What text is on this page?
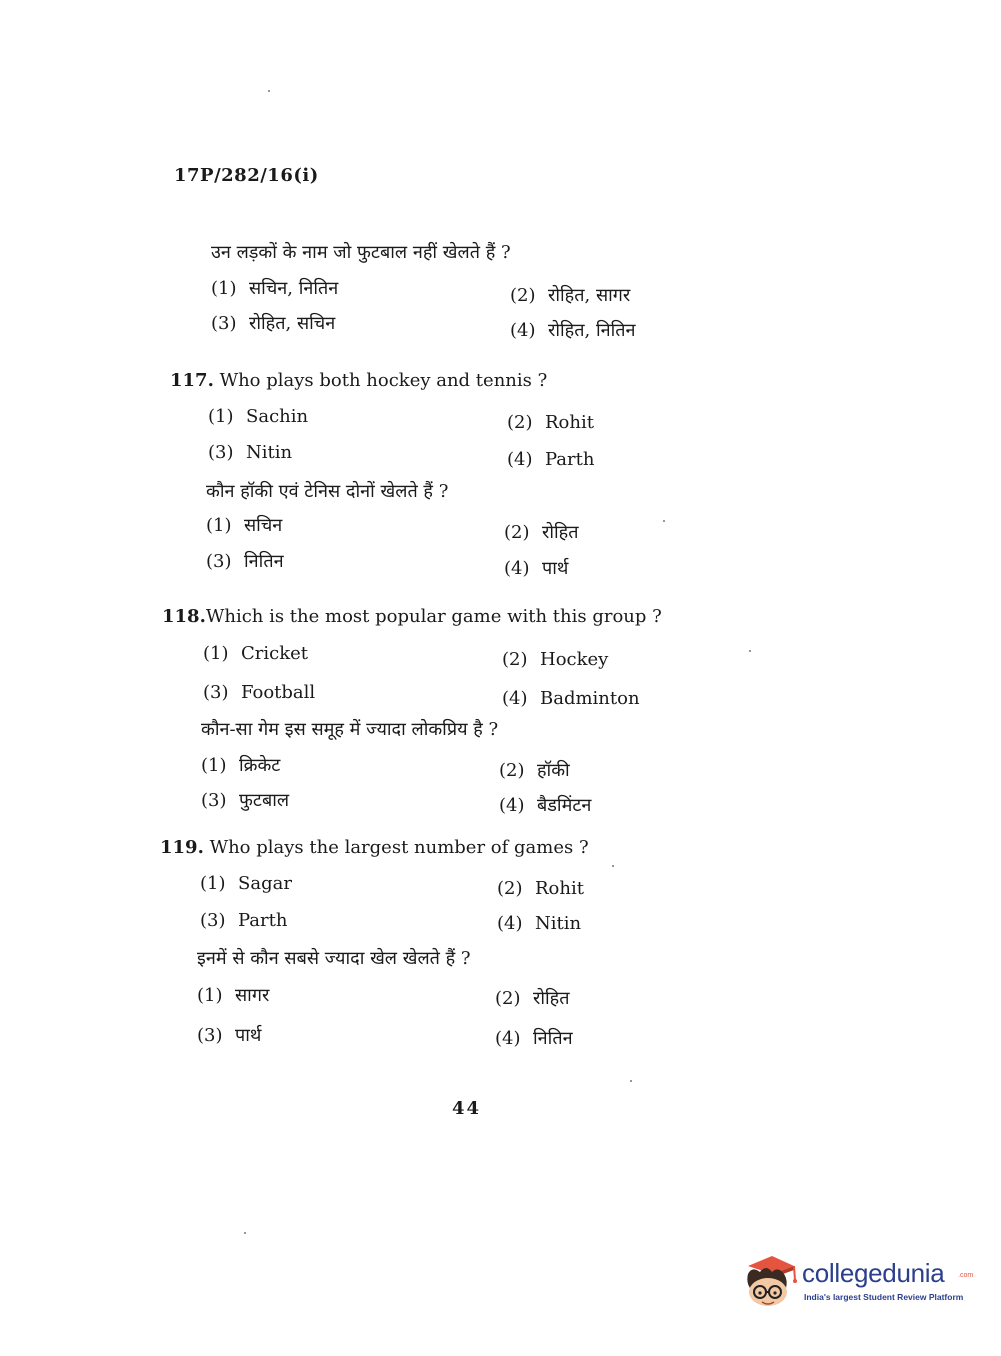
17P/282/16(i)
उन लड़कों के नाम जो फुटबाल नहीं खेलते हैं ?
(1) सचिन, नितिन	(2) रोहित, सागर
(3) रोहित, सचिन	(4) रोहित, नितिन
117. Who plays both hockey and tennis ?
(1) Sachin	(2) Rohit
(3) Nitin	(4) Parth
कौन हॉकी एवं टेनिस दोनों खेलते हैं ?
(1) सचिन	(2) रोहित
(3) नितिन	(4) पार्थ
118.Which is the most popular game with this group ?
(1) Cricket	(2) Hockey
(3) Football	(4) Badminton
कौन-सा गेम इस समूह में ज्यादा लोकप्रिय है ?
(1) क्रिकेट	(2) हॉकी
(3) फुटबाल	(4) बैडमिंटन
119. Who plays the largest number of games ?
(1) Sagar	(2) Rohit
(3) Parth	(4) Nitin
इनमें से कौन सबसे ज्यादा खेल खेलते हैं ?
(1) सागर	(2) रोहित
(3) पार्थ	(4) नितिन
44
collegedunia .com
India's largest Student Review Platform
